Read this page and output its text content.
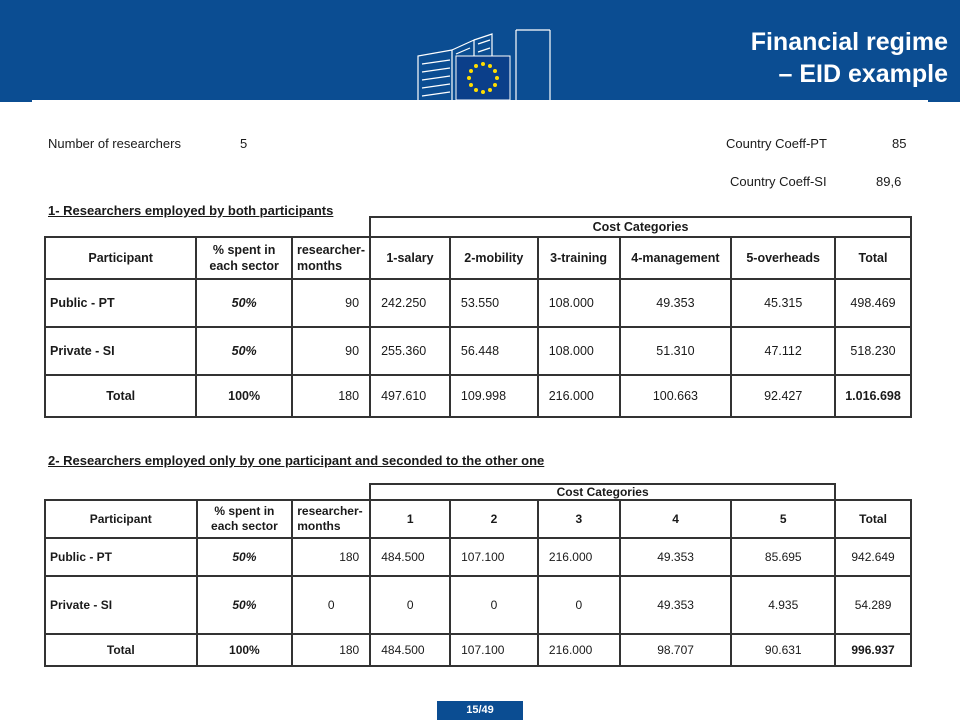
Financial regime
– EID example
Number of researchers	5	Country Coeff-PT	85
Country Coeff-SI	89,6
1- Researchers employed by both participants
			Cost Categories					
Participant	% spent in each sector	researcher-months	1-salary	2-mobility	3-training	4-management	5-overheads	Total
Public - PT	50%	90	242.250	53.550	108.000	49.353	45.315	498.469
Private - SI	50%	90	255.360	56.448	108.000	51.310	47.112	518.230
Total	100%	180	497.610	109.998	216.000	100.663	92.427	1.016.698
2- Researchers employed only by one participant and seconded to the other one
			Cost Categories					
Participant	% spent in each sector	researcher-months	1	2	3	4	5	Total
Public - PT	50%	180	484.500	107.100	216.000	49.353	85.695	942.649
Private - SI	50%	0	0	0	0	49.353	4.935	54.289
Total	100%	180	484.500	107.100	216.000	98.707	90.631	996.937
15/49
